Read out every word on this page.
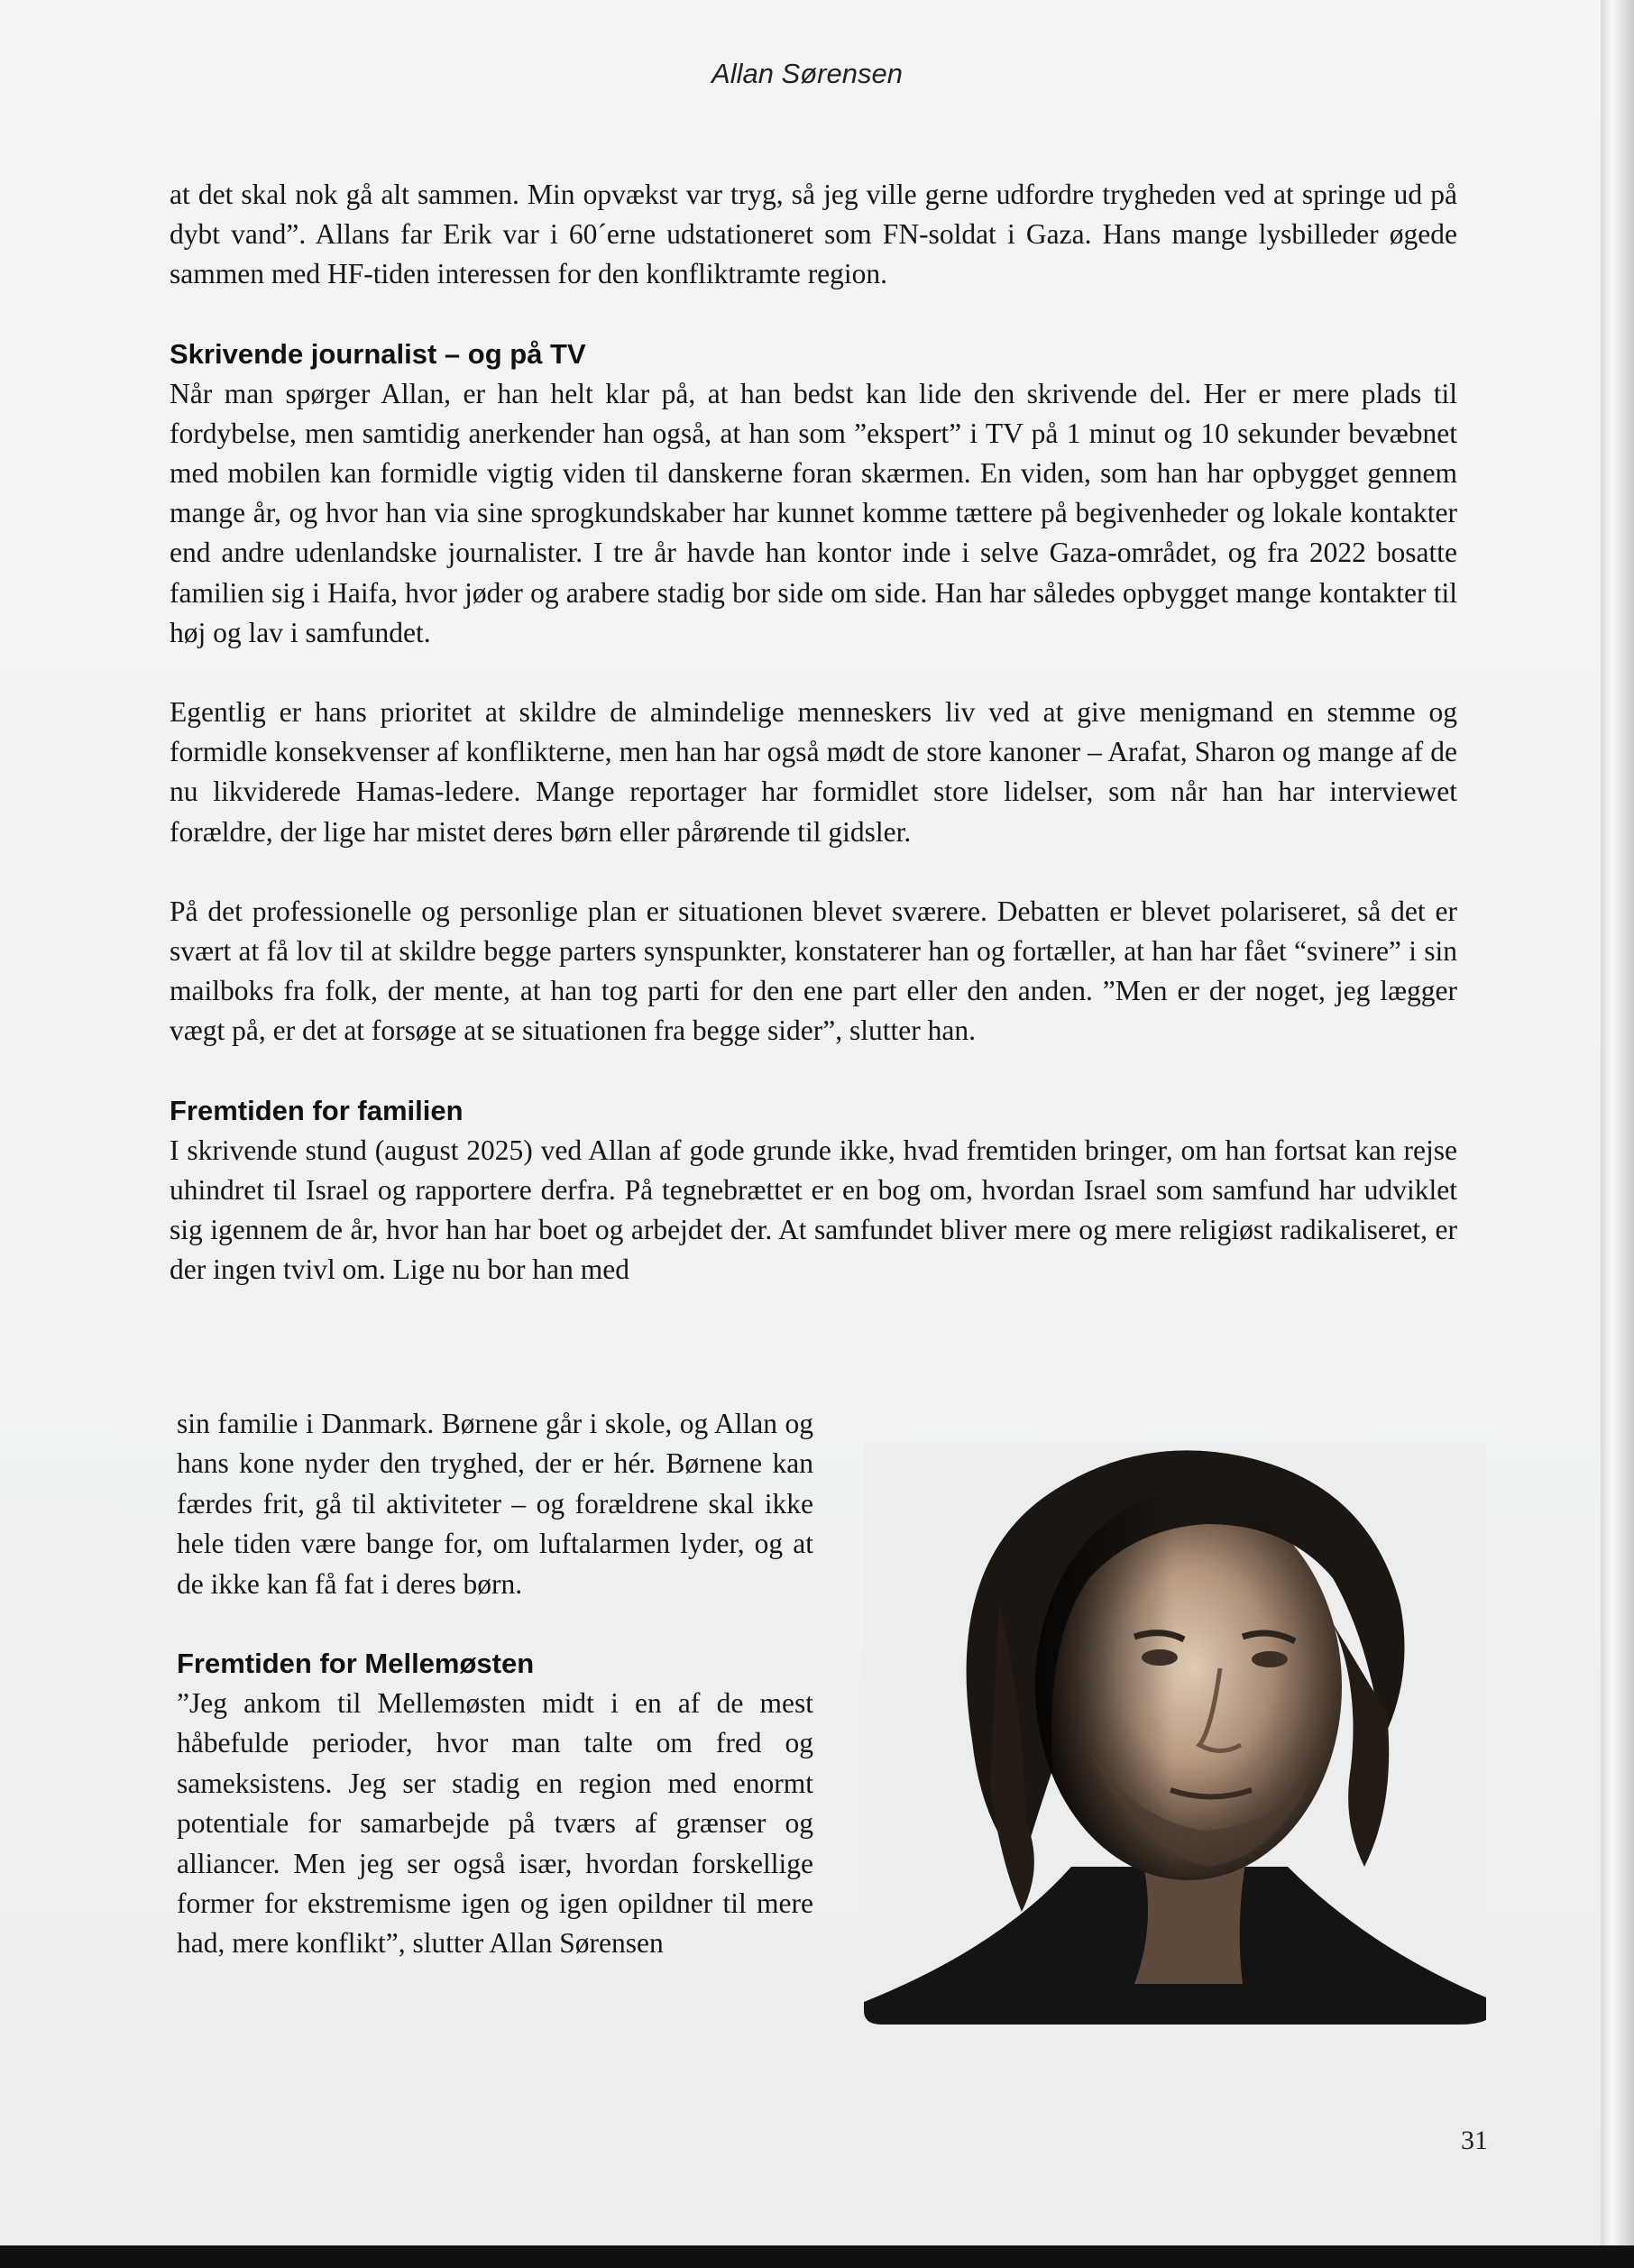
Allan Sørensen

at det skal nok gå alt sammen. Min opvækst var tryg, så jeg ville gerne udfordre trygheden ved at springe ud på dybt vand”. Allans far Erik var i 60´erne udstationeret som FN-soldat i Gaza. Hans mange lysbilleder øgede sammen med HF-tiden interessen for den konfliktramte region.

Skrivende journalist – og på TV

Når man spørger Allan, er han helt klar på, at han bedst kan lide den skrivende del. Her er mere plads til fordybelse, men samtidig anerkender han også, at han som ”ekspert” i TV på 1 minut og 10 sekunder bevæbnet med mobilen kan formidle vigtig viden til danskerne foran skærmen. En viden, som han har opbygget gennem mange år, og hvor han via sine sprogkundskaber har kunnet komme tættere på begivenheder og lokale kontakter end andre udenlandske journalister. I tre år havde han kontor inde i selve Gaza-området, og fra 2022 bosatte familien sig i Haifa, hvor jøder og arabere stadig bor side om side. Han har således opbygget mange kontakter til høj og lav i samfundet.

Egentlig er hans prioritet at skildre de almindelige menneskers liv ved at give menigmand en stemme og formidle konsekvenser af konflikterne, men han har også mødt de store kanoner – Arafat, Sharon og mange af de nu likviderede Hamas-ledere. Mange reportager har formidlet store lidelser, som når han har interviewet forældre, der lige har mistet deres børn eller pårørende til gidsler.

På det professionelle og personlige plan er situationen blevet sværere. Debatten er blevet polariseret, så det er svært at få lov til at skildre begge parters synspunkter, konstaterer han og fortæller, at han har fået “svinere” i sin mailboks fra folk, der mente, at han tog parti for den ene part eller den anden. ”Men er der noget, jeg lægger vægt på, er det at forsøge at se situationen fra begge sider”, slutter han.

Fremtiden for familien

I skrivende stund (august 2025) ved Allan af gode grunde ikke, hvad fremtiden bringer, om han fortsat kan rejse uhindret til Israel og rapportere derfra. På tegnebrættet er en bog om, hvordan Israel som samfund har udviklet sig igennem de år, hvor han har boet og arbejdet der. At samfundet bliver mere og mere religiøst radikaliseret, er der ingen tvivl om. Lige nu bor han med

sin familie i Danmark. Børnene går i skole, og Allan og hans kone nyder den tryghed, der er hér. Børnene kan færdes frit, gå til aktiviteter – og forældrene skal ikke hele tiden være bange for, om luftalarmen lyder, og at de ikke kan få fat i deres børn.

Fremtiden for Mellemøsten

”Jeg ankom til Mellemøsten midt i en af de mest håbefulde perioder, hvor man talte om fred og sameksistens. Jeg ser stadig en region med enormt potentiale for samarbejde på tværs af grænser og alliancer. Men jeg ser også især, hvordan forskellige former for ekstremisme igen og igen opildner til mere had, mere konflikt”, slutter Allan Sørensen

31
